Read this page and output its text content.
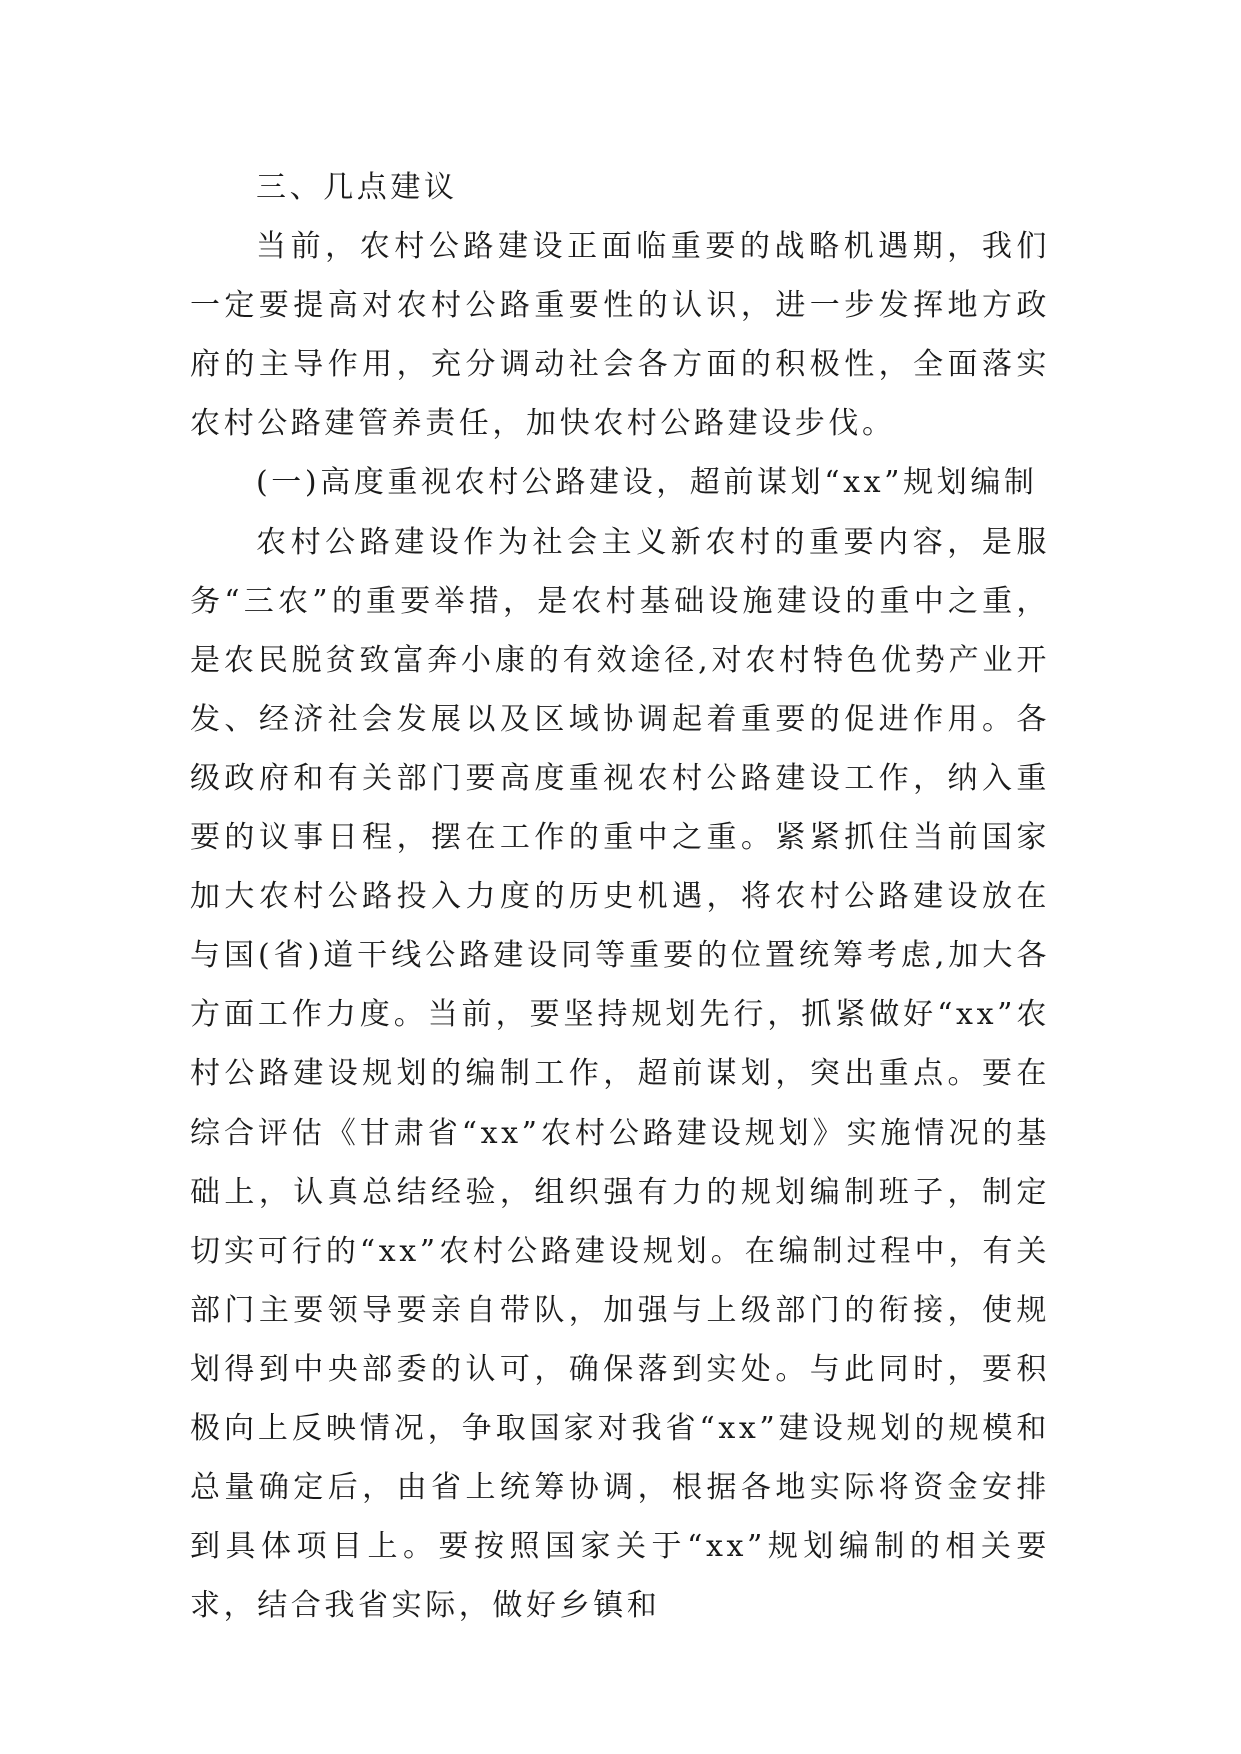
三、几点建议

当前，农村公路建设正面临重要的战略机遇期，我们一定要提高对农村公路重要性的认识，进一步发挥地方政府的主导作用，充分调动社会各方面的积极性，全面落实农村公路建管养责任，加快农村公路建设步伐。

(一)高度重视农村公路建设，超前谋划“xx”规划编制

农村公路建设作为社会主义新农村的重要内容，是服务“三农”的重要举措，是农村基础设施建设的重中之重，是农民脱贫致富奔小康的有效途径,对农村特色优势产业开发、经济社会发展以及区域协调起着重要的促进作用。各级政府和有关部门要高度重视农村公路建设工作，纳入重要的议事日程，摆在工作的重中之重。紧紧抓住当前国家加大农村公路投入力度的历史机遇，将农村公路建设放在与国(省)道干线公路建设同等重要的位置统筹考虑,加大各方面工作力度。当前，要坚持规划先行，抓紧做好“xx”农村公路建设规划的编制工作，超前谋划，突出重点。要在综合评估《甘肃省“xx”农村公路建设规划》实施情况的基础上，认真总结经验，组织强有力的规划编制班子，制定切实可行的“xx”农村公路建设规划。在编制过程中，有关部门主要领导要亲自带队，加强与上级部门的衔接，使规划得到中央部委的认可，确保落到实处。与此同时，要积极向上反映情况，争取国家对我省“xx”建设规划的规模和总量确定后，由省上统筹协调，根据各地实际将资金安排到具体项目上。要按照国家关于“xx”规划编制的相关要求，结合我省实际，做好乡镇和
